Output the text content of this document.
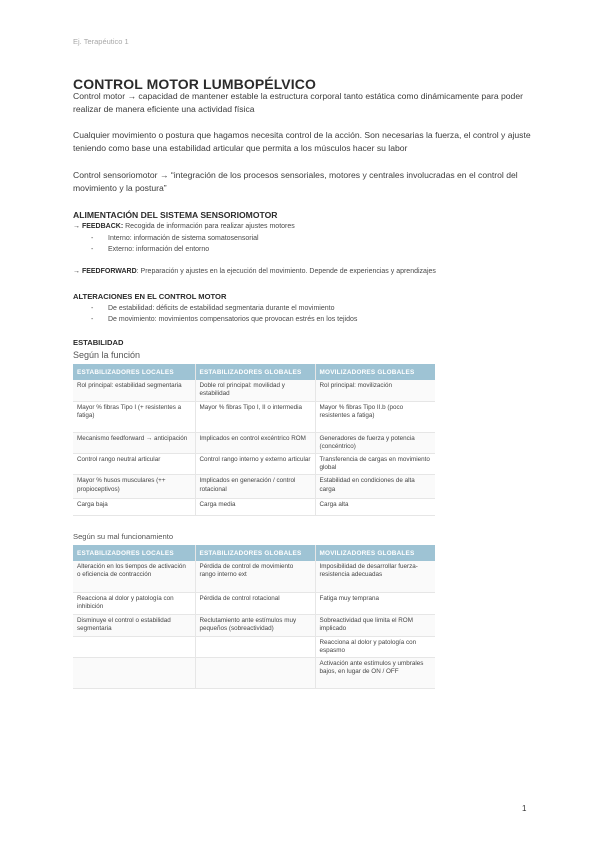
Ej. Terapéutico 1
CONTROL MOTOR LUMBOPÉLVICO
Control motor → capacidad de mantener estable la estructura corporal tanto estática como dinámicamente para poder realizar de manera eficiente una actividad física
Cualquier movimiento o postura que hagamos necesita control de la acción. Son necesarias la fuerza, el control y ajuste teniendo como base una estabilidad articular que permita a los músculos hacer su labor
Control sensoriomotor → “integración de los procesos sensoriales, motores y centrales involucradas en el control del movimiento y la postura”
ALIMENTACIÓN DEL SISTEMA SENSORIOMOTOR
→ FEEDBACK: Recogida de información para realizar ajustes motores
- Interno: información de sistema somatosensorial
- Externo: información del entorno
→ FEEDFORWARD: Preparación y ajustes en la ejecución del movimiento. Depende de experiencias y aprendizajes
ALTERACIONES EN EL CONTROL MOTOR
- De estabilidad: déficits de estabilidad segmentaria durante el movimiento
- De movimiento: movimientos compensatorios que provocan estrés en los tejidos
ESTABILIDAD
Según la función
ESTABILIZADORES LOCALES	ESTABILIZADORES GLOBALES	MOVILIZADORES GLOBALES
Rol principal: estabilidad segmentaria	Doble rol principal: movilidad y estabilidad	Rol principal: movilización
Mayor % fibras Tipo I (+ resistentes a fatiga)	Mayor % fibras Tipo I, II o intermedia	Mayor % fibras Tipo II.b (poco resistentes a fatiga)
Mecanismo feedforward → anticipación	Implicados en control excéntrico ROM	Generadores de fuerza y potencia (concéntrico)
Control rango neutral articular	Control rango interno y externo articular	Transferencia de cargas en movimiento global
Mayor % husos musculares (++ propioceptivos)	Implicados en generación / control rotacional	Estabilidad en condiciones de alta carga
Carga baja	Carga media	Carga alta
Según su mal funcionamiento
ESTABILIZADORES LOCALES	ESTABILIZADORES GLOBALES	MOVILIZADORES GLOBALES
Alteración en los tiempos de activación o eficiencia de contracción	Pérdida de control de movimiento rango interno ext	Imposibilidad de desarrollar fuerza-resistencia adecuadas
Reacciona al dolor y patología con inhibición	Pérdida de control rotacional	Fatiga muy temprana
Disminuye el control o estabilidad segmentaria	Reclutamiento ante estímulos muy pequeños (sobreactividad)	Sobreactividad que limita el ROM implicado
		Reacciona al dolor y patología con espasmo
		Activación ante estímulos y umbrales bajos, en lugar de ON / OFF
1
